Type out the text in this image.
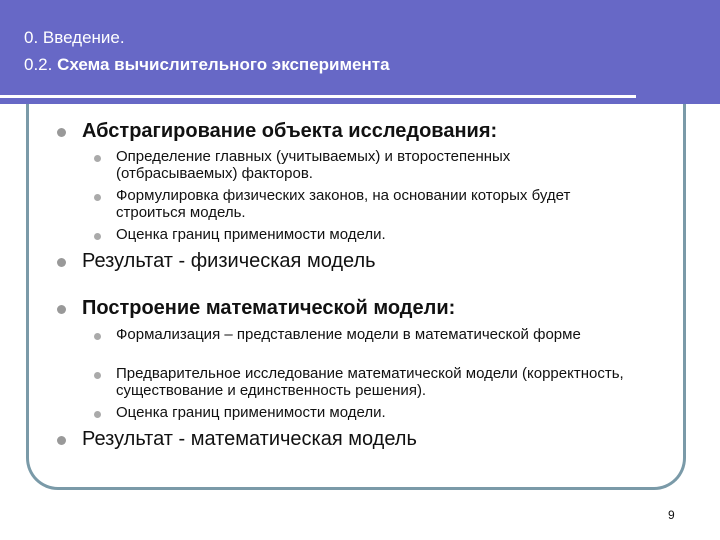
0. Введение.
0.2. Схема вычислительного эксперимента
Абстрагирование объекта исследования:
Определение главных (учитываемых) и второстепенных (отбрасываемых) факторов.
Формулировка физических законов, на основании которых будет строиться модель.
Оценка границ применимости модели.
Результат - физическая модель
Построение математической модели:
Формализация – представление модели в математической форме
Предварительное исследование математической модели (корректность, существование и единственность решения).
Оценка границ применимости модели.
Результат - математическая модель
9
